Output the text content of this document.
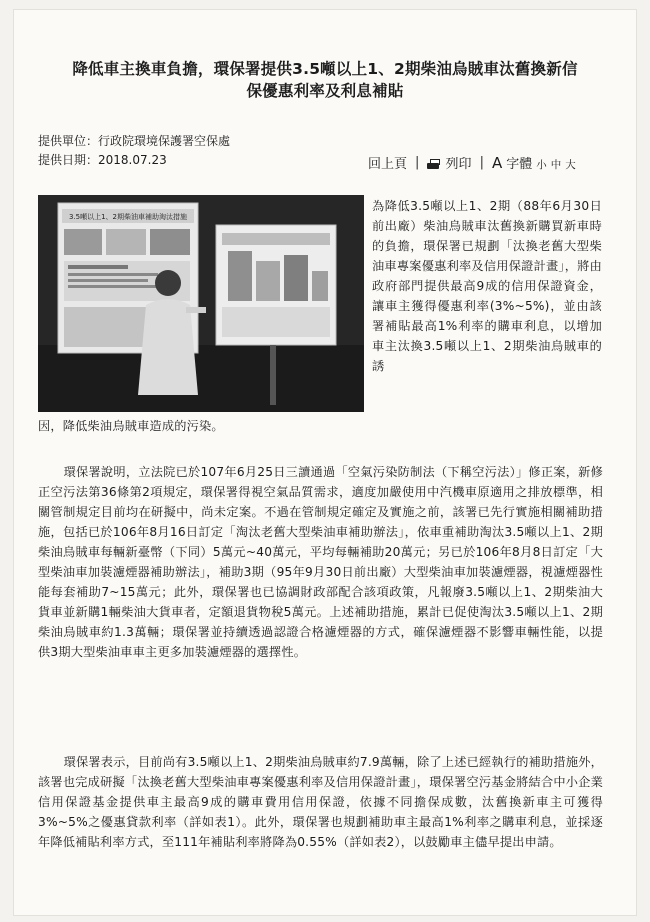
降低車主換車負擔，環保署提供3.5噸以上1、2期柴油烏賊車汰舊換新信
保優惠利率及利息補貼
提供單位：行政院環境保護署空保處
提供日期：2018.07.23	回上頁 |	列印 | A 字體 小 中 大
3.5噸以上1、2期柴油車補助淘汰措施
為降低3.5噸以上1、2期（88年6月30日前出廠）柴油烏賊車汰舊換新購買新車時的負擔，環保署已規劃「汰換老舊大型柴油車專案優惠利率及信用保證計畫」，將由政府部門提供最高9成的信用保證資金，讓車主獲得優惠利率(3%~5%)，並由該署補貼最高1%利率的購車利息，以增加車主汰換3.5噸以上1、2期柴油烏賊車的誘
因，降低柴油烏賊車造成的污染。
環保署說明，立法院已於107年6月25日三讀通過「空氣污染防制法（下稱空污法）」修正案，新修正空污法第36條第2項規定，環保署得視空氣品質需求，適度加嚴使用中汽機車原適用之排放標準，相關管制規定目前均在研擬中，尚未定案。不過在管制規定確定及實施之前，該署已先行實施相關補助措施，包括已於106年8月16日訂定「淘汰老舊大型柴油車補助辦法」，依車重補助淘汰3.5噸以上1、2期柴油烏賊車每輛新臺幣（下同）5萬元~40萬元，平均每輛補助20萬元；另已於106年8月8日訂定「大型柴油車加裝濾煙器補助辦法」，補助3期（95年9月30日前出廠）大型柴油車加裝濾煙器，視濾煙器性能每套補助7~15萬元；此外，環保署也已協調財政部配合該項政策，凡報廢3.5噸以上1、2期柴油大貨車並新購1輛柴油大貨車者，定額退貨物稅5萬元。上述補助措施，累計已促使淘汰3.5噸以上1、2期柴油烏賊車約1.3萬輛；環保署並持續透過認證合格濾煙器的方式，確保濾煙器不影響車輛性能，以提供3期大型柴油車車主更多加裝濾煙器的選擇性。
環保署表示，目前尚有3.5噸以上1、2期柴油烏賊車約7.9萬輛，除了上述已經執行的補助措施外，該署也完成研擬「汰換老舊大型柴油車專案優惠利率及信用保證計畫」，環保署空污基金將結合中小企業信用保證基金提供車主最高9成的購車費用信用保證，依據不同擔保成數，汰舊換新車主可獲得3%~5%之優惠貸款利率（詳如表1）。此外，環保署也規劃補助車主最高1%利率之購車利息，並採逐年降低補貼利率方式，至111年補貼利率將降為0.55%（詳如表2），以鼓勵車主儘早提出申請。
